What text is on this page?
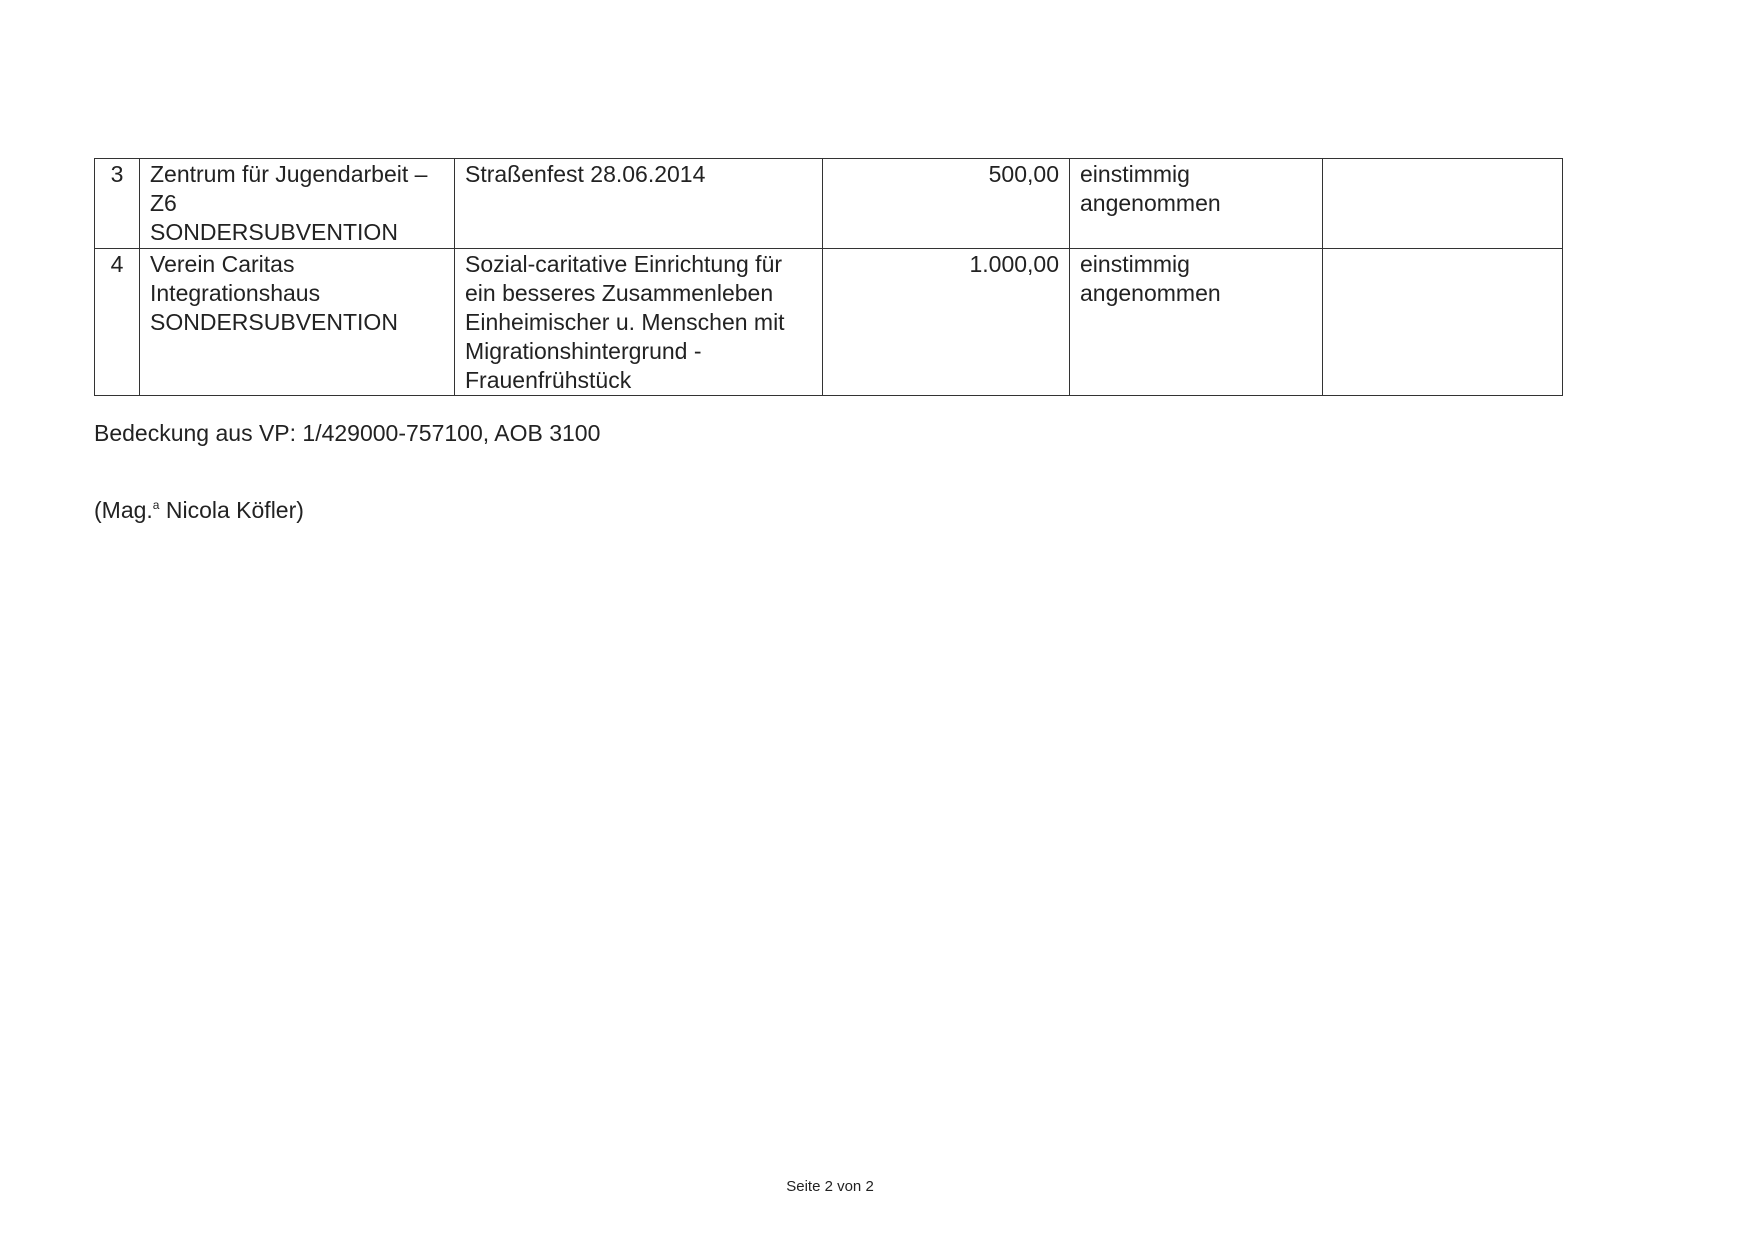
3	Zentrum für Jugendarbeit –
Z6
SONDERSUBVENTION	Straßenfest 28.06.2014	500,00	einstimmig
angenommen	
4	Verein Caritas
Integrationshaus
SONDERSUBVENTION	Sozial-caritative Einrichtung für
ein besseres Zusammenleben
Einheimischer u. Menschen mit
Migrationshintergrund -
Frauenfrühstück	1.000,00	einstimmig
angenommen	

Bedeckung aus VP: 1/429000-757100, AOB 3100

(Mag.$^a$ Nicola Köfler)

Seite 2 von 2
